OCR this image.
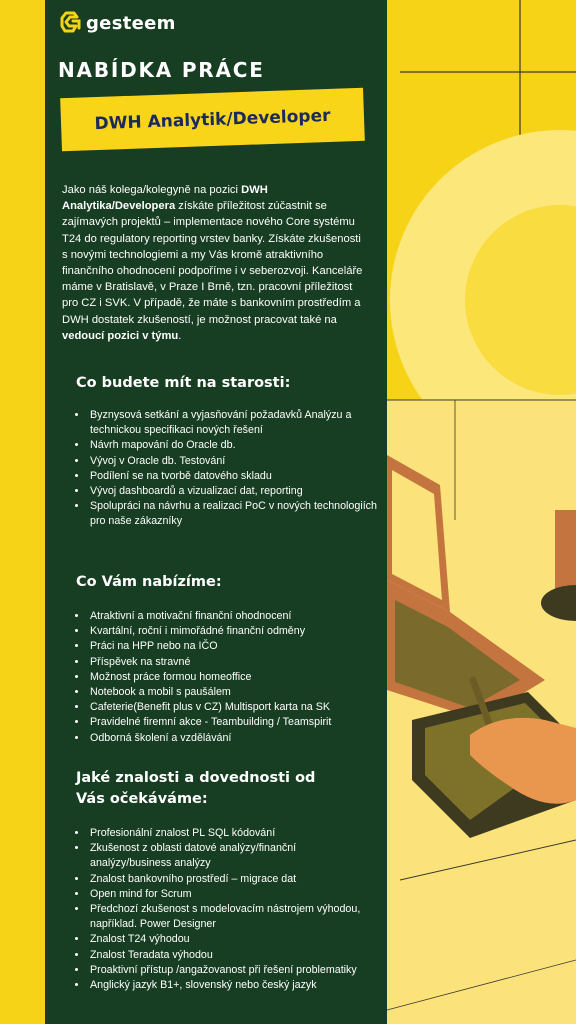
gesteem
NABÍDKA PRÁCE
DWH Analytik/Developer

Jako náš kolega/kolegyně na pozici DWH Analytika/Developera získáte příležitost zúčastnit se zajímavých projektů – implementace nového Core systému T24 do regulatory reporting vrstev banky. Získáte zkušenosti s novými technologiemi a my Vás kromě atraktivního finančního ohodnocení podpoříme i v seberozvoji. Kanceláře máme v Bratislavě, v Praze I Brně, tzn. pracovní příležitost pro CZ i SVK. V případě, že máte s bankovním prostředím a DWH dostatek zkušeností, je možnost pracovat také na vedoucí pozici v týmu.

Co budete mít na starosti:
• Byznysová setkání a vyjasňování požadavků Analýzu a technickou specifikaci nových řešení
• Návrh mapování do Oracle db.
• Vývoj v Oracle db. Testování
• Podílení se na tvorbě datového skladu
• Vývoj dashboardů a vizualizací dat, reporting
• Spolupráci na návrhu a realizaci PoC v nových technologiích pro naše zákazníky
Co Vám nabízíme:
• Atraktivní a motivační finanční ohodnocení
• Kvartální, roční i mimořádné finanční odměny
• Práci na HPP nebo na IČO
• Příspěvek na stravné
• Možnost práce formou homeoffice
• Notebook a mobil s paušálem
• Cafeterie(Benefit plus v CZ) Multisport karta na SK
• Pravidelné firemní akce - Teambuilding / Teamspirit
• Odborná školení a vzdělávání
Jaké znalosti a dovednosti od Vás očekáváme:
• Profesionální znalost PL SQL kódování
• Zkušenost z oblasti datové analýzy/finanční analýzy/business analýzy
• Znalost bankovního prostředí – migrace dat
• Open mind for Scrum
• Předchozí zkušenost s modelovacím nástrojem výhodou, například. Power Designer
• Znalost T24 výhodou
• Znalost Teradata výhodou
• Proaktivní přístup /angažovanost při řešení problematiky
• Anglický jazyk B1+, slovenský nebo český jazyk
